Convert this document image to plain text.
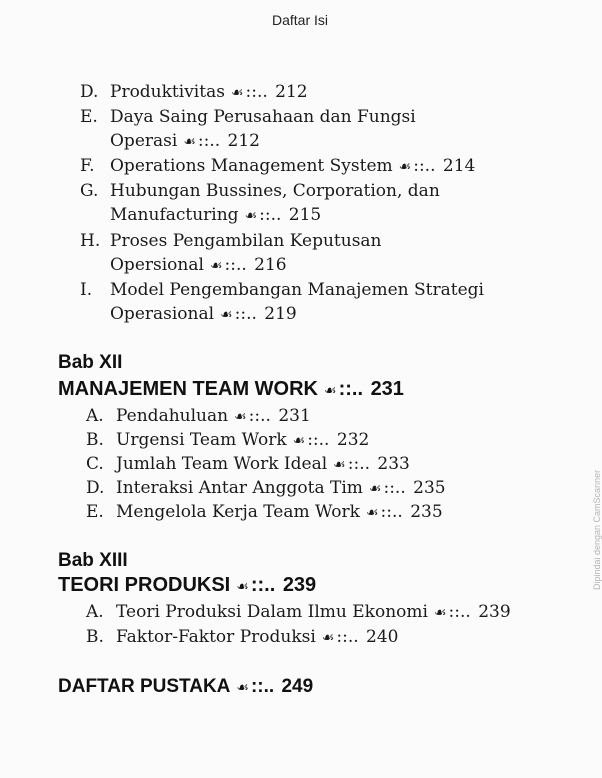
Daftar Isi
D. Produktivitas ☙ ::.. 212
E. Daya Saing Perusahaan dan Fungsi
Operasi ☙ ::.. 212
F. Operations Management System ☙ ::.. 214
G. Hubungan Bussines, Corporation, dan
Manufacturing ☙ ::.. 215
H. Proses Pengambilan Keputusan
Opersional ☙ ::.. 216
I. Model Pengembangan Manajemen Strategi
Operasional ☙ ::.. 219
Bab XII
MANAJEMEN TEAM WORK ☙ ::.. 231
A. Pendahuluan ☙ ::.. 231
B. Urgensi Team Work ☙ ::.. 232
C. Jumlah Team Work Ideal ☙ ::.. 233
D. Interaksi Antar Anggota Tim ☙ ::.. 235
E. Mengelola Kerja Team Work ☙ ::.. 235
Bab XIII
TEORI PRODUKSI ☙ ::.. 239
A. Teori Produksi Dalam Ilmu Ekonomi ☙ ::.. 239
B. Faktor-Faktor Produksi ☙ ::.. 240
DAFTAR PUSTAKA ☙ ::.. 249
Dipindai dengan CamScanner
